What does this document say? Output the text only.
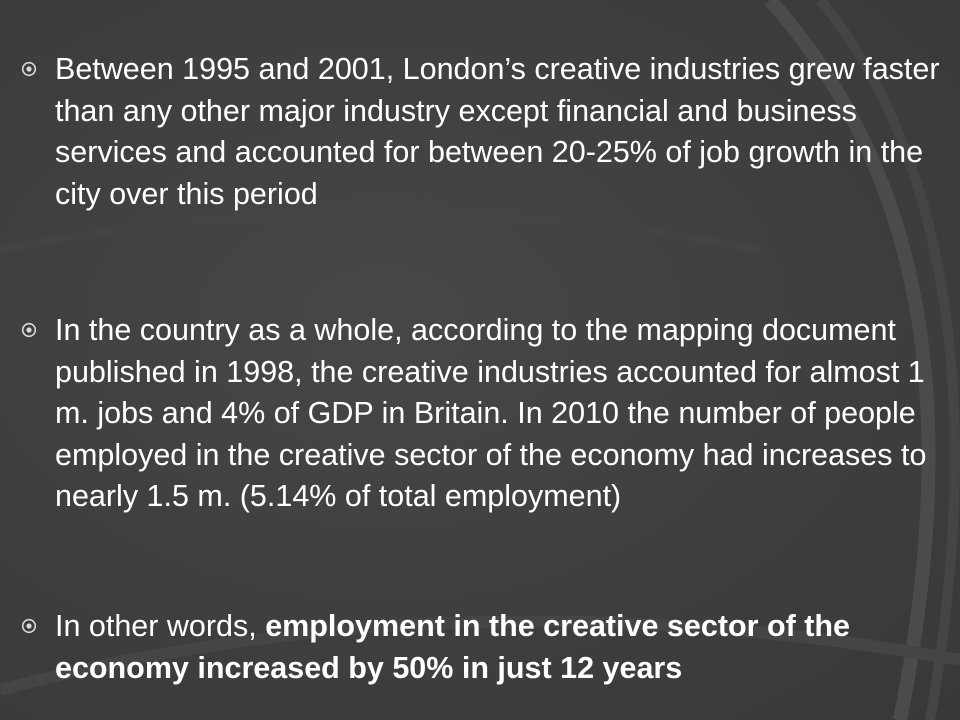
Between 1995 and 2001, London’s creative industries grew faster than any other major industry except financial and business services and accounted for between 20-25% of job growth in the city over this period

In the country as a whole, according to the mapping document published in 1998, the creative industries accounted for almost 1 m. jobs and 4% of GDP in Britain. In 2010 the number of people employed in the creative sector of the economy had increases to nearly 1.5 m. (5.14% of total employment)

In other words, employment in the creative sector of the economy increased by 50% in just 12 years
